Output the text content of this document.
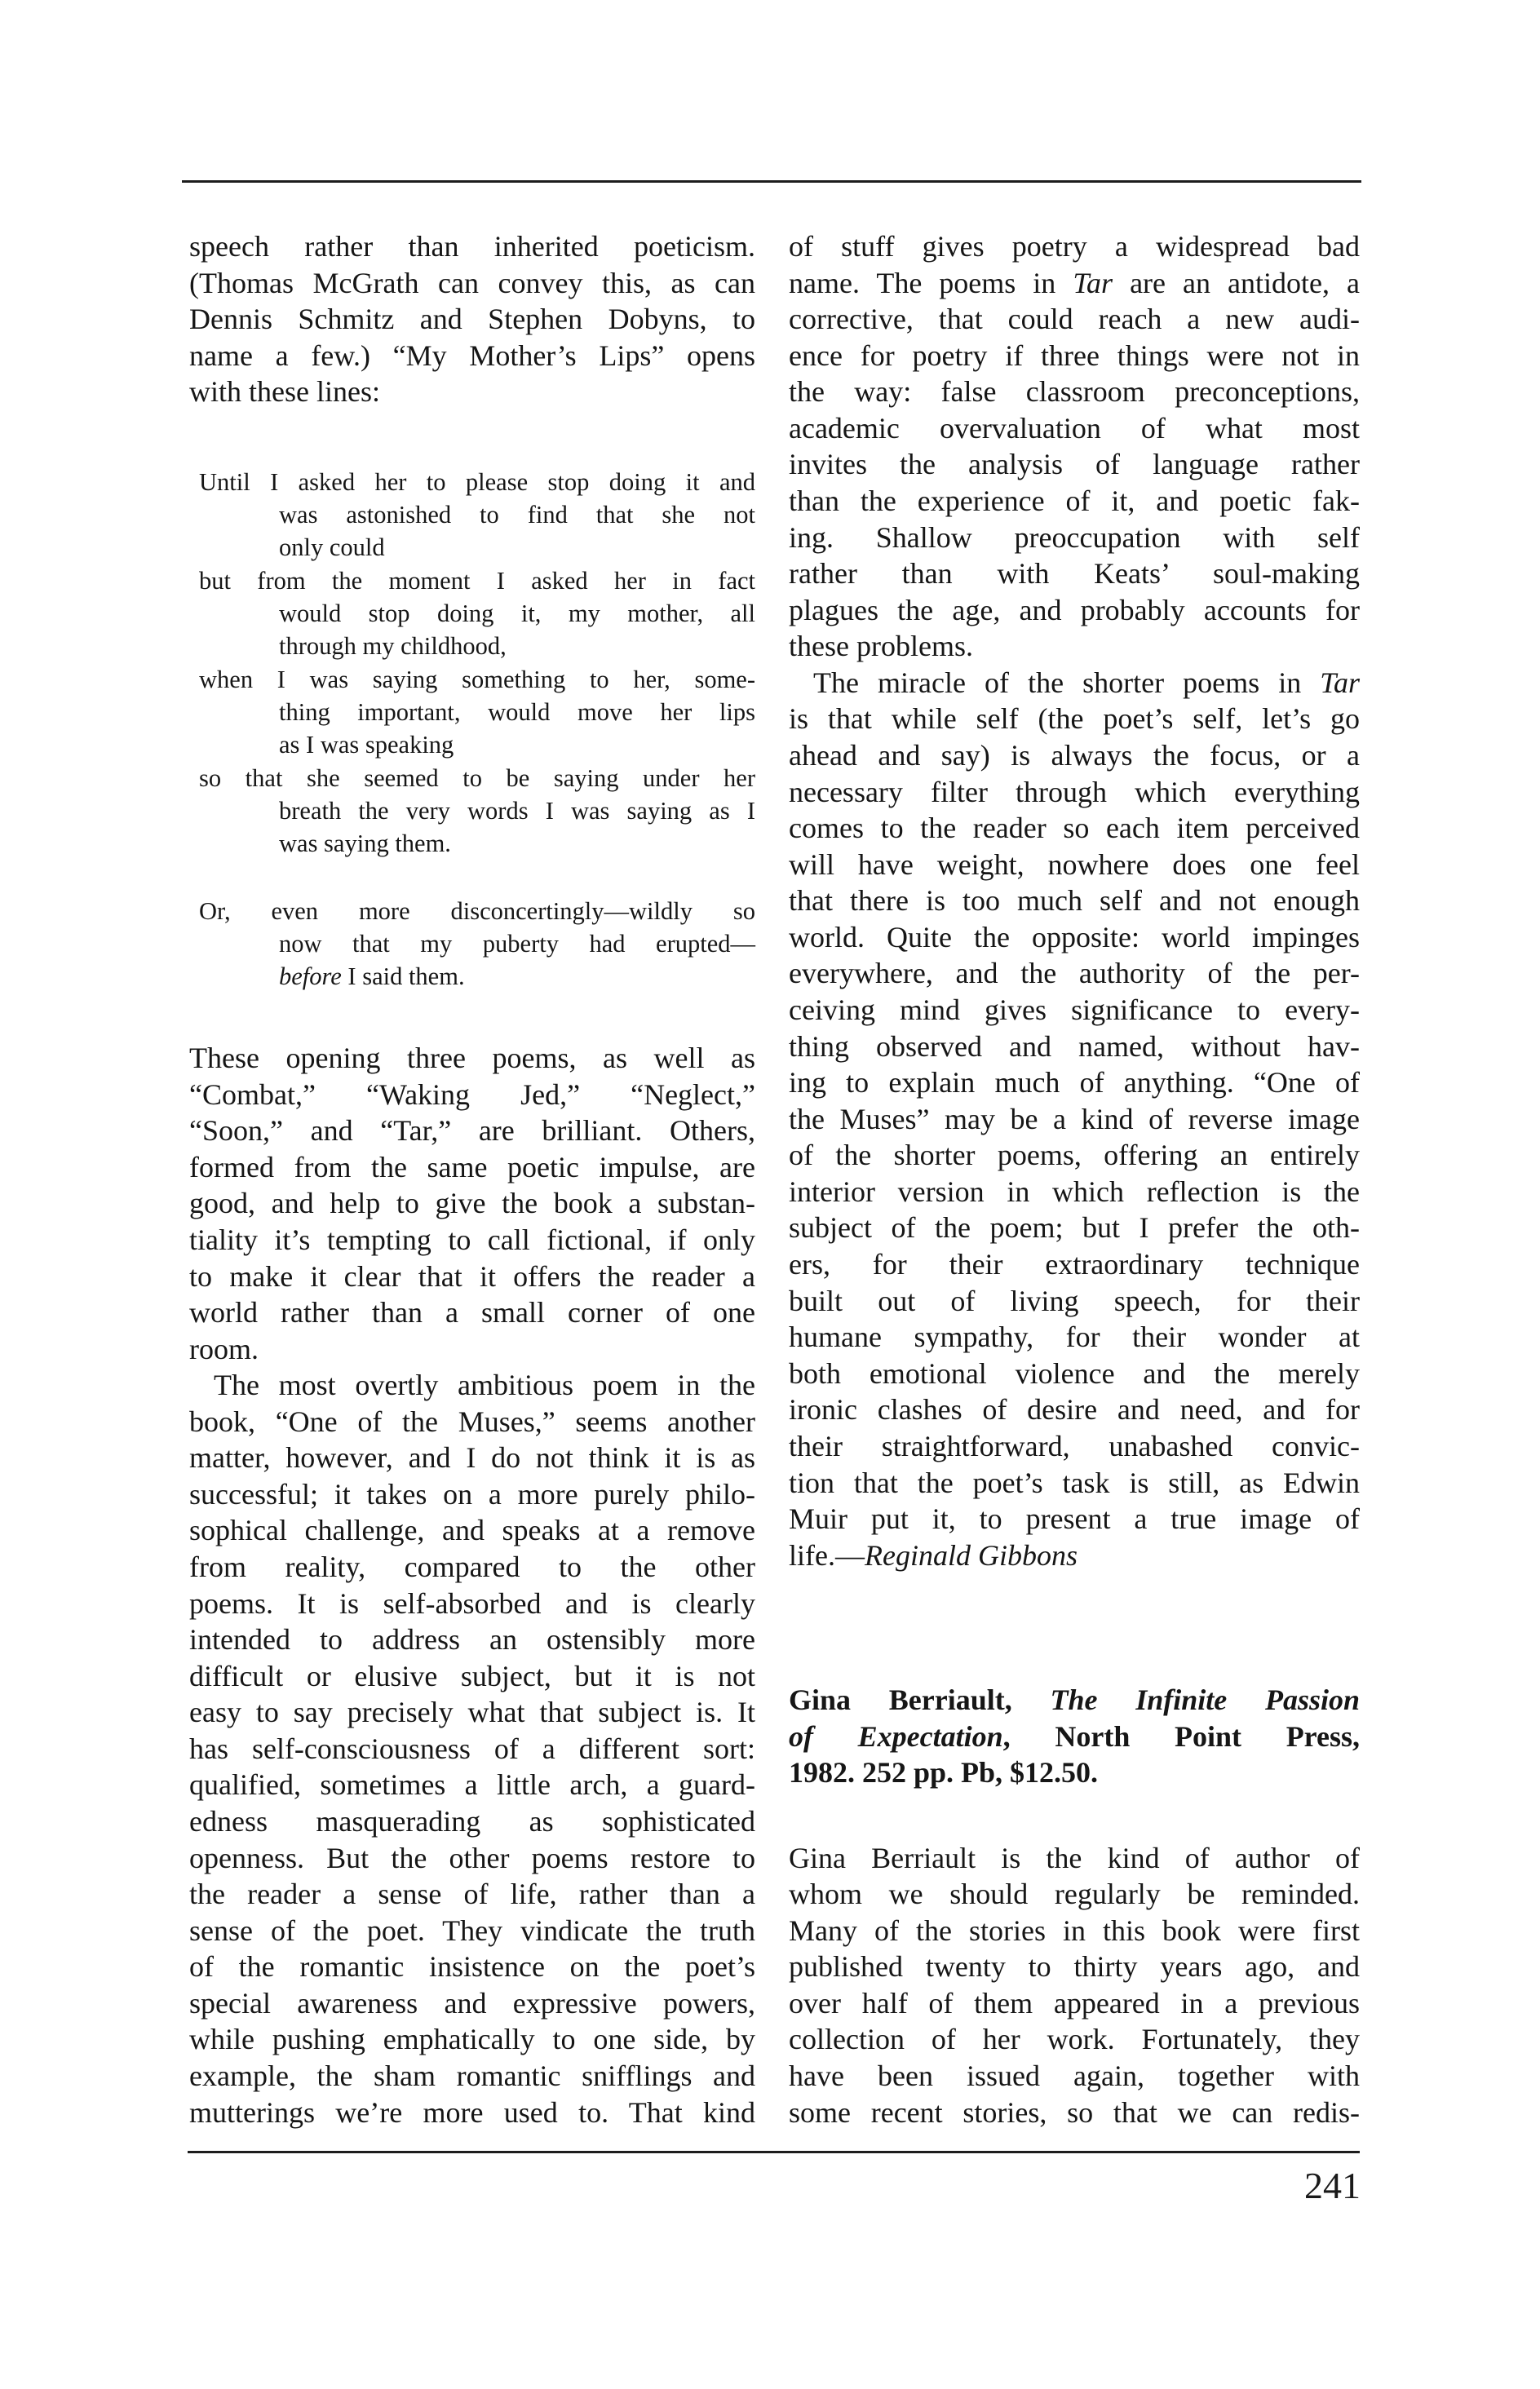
speech rather than inherited poeticism.
(Thomas McGrath can convey this, as can
Dennis Schmitz and Stephen Dobyns, to
name a few.) “My Mother’s Lips” opens
with these lines:
Until I asked her to please stop doing it and
was astonished to find that she not
only could
but from the moment I asked her in fact
would stop doing it, my mother, all
through my childhood,
when I was saying something to her, some-
thing important, would move her lips
as I was speaking
so that she seemed to be saying under her
breath the very words I was saying as I
was saying them.
Or, even more disconcertingly—wildly so
now that my puberty had erupted—
before I said them.
These opening three poems, as well as
“Combat,” “Waking Jed,” “Neglect,”
“Soon,” and “Tar,” are brilliant. Others,
formed from the same poetic impulse, are
good, and help to give the book a substan-
tiality it’s tempting to call fictional, if only
to make it clear that it offers the reader a
world rather than a small corner of one
room.
The most overtly ambitious poem in the
book, “One of the Muses,” seems another
matter, however, and I do not think it is as
successful; it takes on a more purely philo-
sophical challenge, and speaks at a remove
from reality, compared to the other
poems. It is self-absorbed and is clearly
intended to address an ostensibly more
difficult or elusive subject, but it is not
easy to say precisely what that subject is. It
has self-consciousness of a different sort:
qualified, sometimes a little arch, a guard-
edness masquerading as sophisticated
openness. But the other poems restore to
the reader a sense of life, rather than a
sense of the poet. They vindicate the truth
of the romantic insistence on the poet’s
special awareness and expressive powers,
while pushing emphatically to one side, by
example, the sham romantic snifflings and
mutterings we’re more used to. That kind
of stuff gives poetry a widespread bad
name. The poems in Tar are an antidote, a
corrective, that could reach a new audi-
ence for poetry if three things were not in
the way: false classroom preconceptions,
academic overvaluation of what most
invites the analysis of language rather
than the experience of it, and poetic fak-
ing. Shallow preoccupation with self
rather than with Keats’ soul-making
plagues the age, and probably accounts for
these problems.
The miracle of the shorter poems in Tar
is that while self (the poet’s self, let’s go
ahead and say) is always the focus, or a
necessary filter through which everything
comes to the reader so each item perceived
will have weight, nowhere does one feel
that there is too much self and not enough
world. Quite the opposite: world impinges
everywhere, and the authority of the per-
ceiving mind gives significance to every-
thing observed and named, without hav-
ing to explain much of anything. “One of
the Muses” may be a kind of reverse image
of the shorter poems, offering an entirely
interior version in which reflection is the
subject of the poem; but I prefer the oth-
ers, for their extraordinary technique
built out of living speech, for their
humane sympathy, for their wonder at
both emotional violence and the merely
ironic clashes of desire and need, and for
their straightforward, unabashed convic-
tion that the poet’s task is still, as Edwin
Muir put it, to present a true image of
life.—Reginald Gibbons
Gina Berriault, The Infinite Passion
of Expectation, North Point Press,
1982. 252 pp. Pb, $12.50.
Gina Berriault is the kind of author of
whom we should regularly be reminded.
Many of the stories in this book were first
published twenty to thirty years ago, and
over half of them appeared in a previous
collection of her work. Fortunately, they
have been issued again, together with
some recent stories, so that we can redis-
241
